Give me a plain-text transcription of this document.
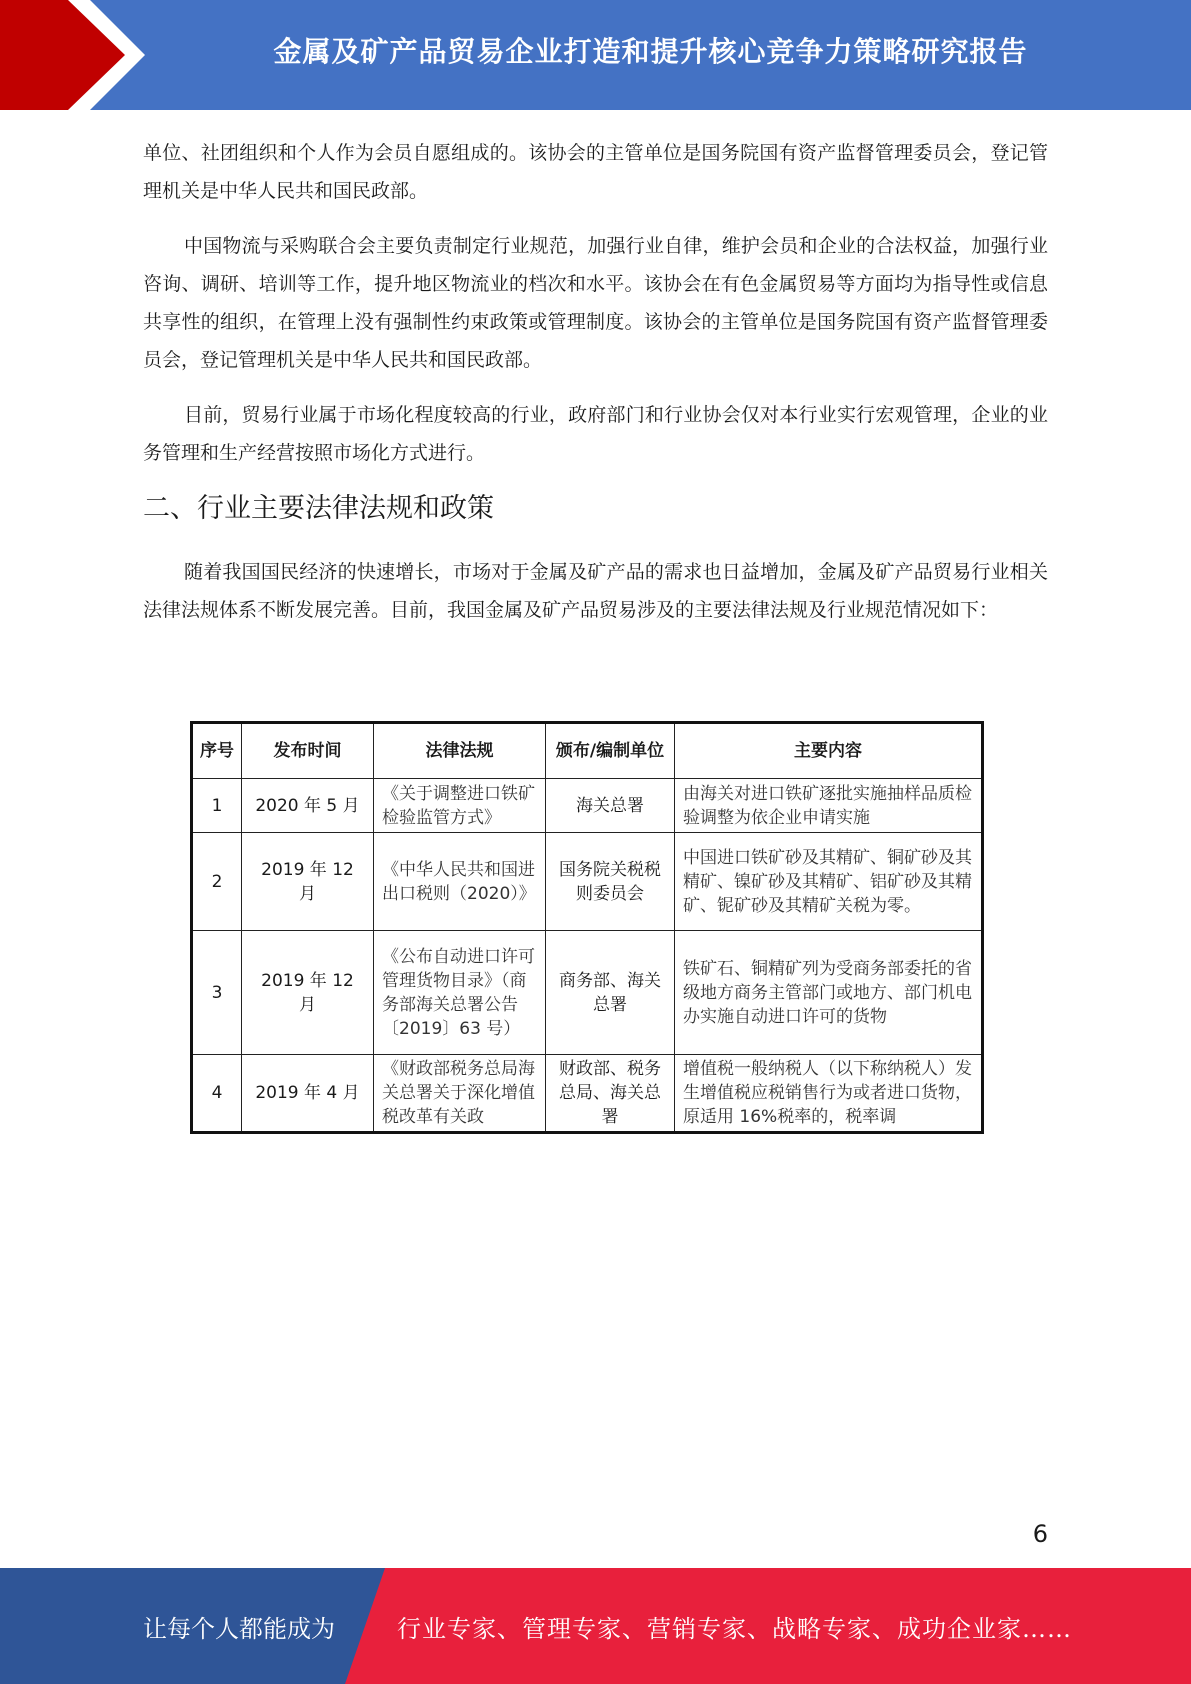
金属及矿产品贸易企业打造和提升核心竞争力策略研究报告

单位、社团组织和个人作为会员自愿组成的。该协会的主管单位是国务院国有资产监督管理委员会，登记管理机关是中华人民共和国民政部。

中国物流与采购联合会主要负责制定行业规范，加强行业自律，维护会员和企业的合法权益，加强行业咨询、调研、培训等工作，提升地区物流业的档次和水平。该协会在有色金属贸易等方面均为指导性或信息共享性的组织，在管理上没有强制性约束政策或管理制度。该协会的主管单位是国务院国有资产监督管理委员会，登记管理机关是中华人民共和国民政部。

目前，贸易行业属于市场化程度较高的行业，政府部门和行业协会仅对本行业实行宏观管理，企业的业务管理和生产经营按照市场化方式进行。

二、行业主要法律法规和政策

随着我国国民经济的快速增长，市场对于金属及矿产品的需求也日益增加，金属及矿产品贸易行业相关法律法规体系不断发展完善。目前，我国金属及矿产品贸易涉及的主要法律法规及行业规范情况如下：

序号	发布时间	法律法规	颁布/编制单位	主要内容
1	2020 年 5 月	《关于调整进口铁矿检验监管方式》	海关总署	由海关对进口铁矿逐批实施抽样品质检验调整为依企业申请实施
2	2019 年 12 月	《中华人民共和国进出口税则（2020）》	国务院关税税则委员会	中国进口铁矿砂及其精矿、铜矿砂及其精矿、镍矿砂及其精矿、铝矿砂及其精矿、铌矿砂及其精矿关税为零。
3	2019 年 12 月	《公布自动进口许可管理货物目录》（商务部海关总署公告〔2019〕63 号）	商务部、海关总署	铁矿石、铜精矿列为受商务部委托的省级地方商务主管部门或地方、部门机电办实施自动进口许可的货物
4	2019 年 4 月	《财政部税务总局海关总署关于深化增值税改革有关政	财政部、税务总局、海关总署	增值税一般纳税人（以下称纳税人）发生增值税应税销售行为或者进口货物，原适用 16%税率的，税率调
6
让每个人都能成为	行业专家、管理专家、营销专家、战略专家、成功企业家……
